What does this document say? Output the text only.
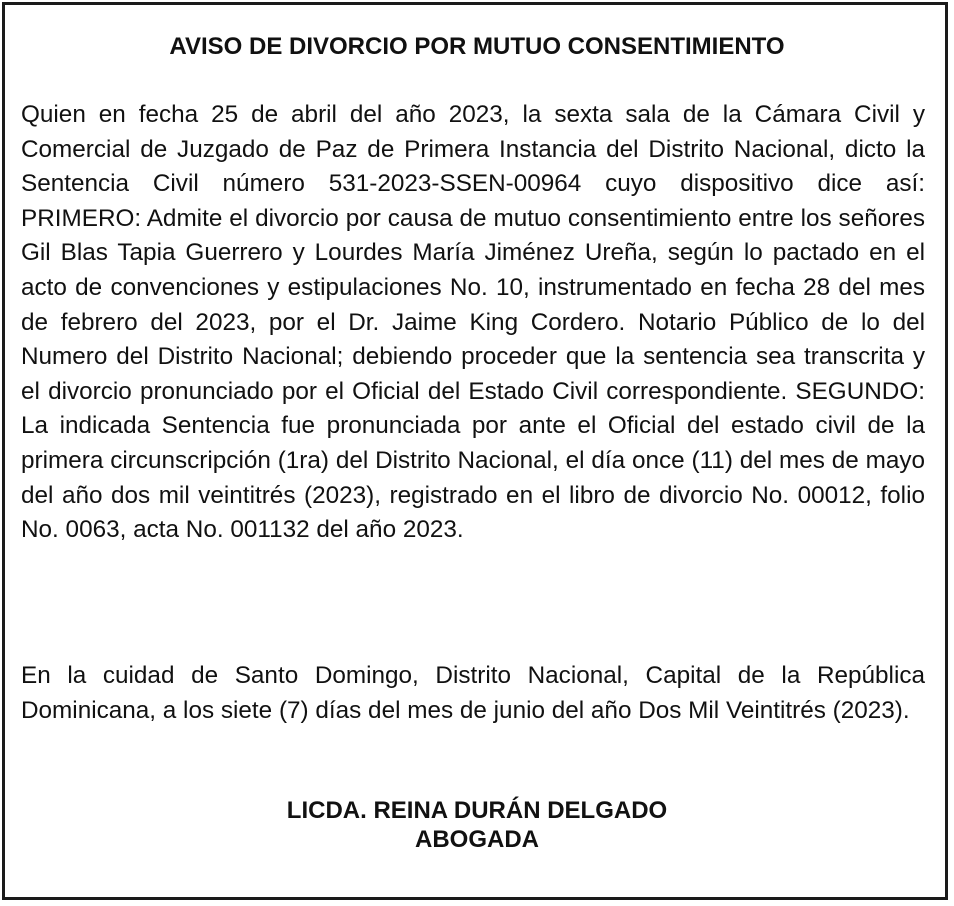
AVISO DE DIVORCIO POR MUTUO CONSENTIMIENTO
Quien en fecha 25 de abril del año 2023, la sexta sala de la Cámara Civil y Comercial de Juzgado de Paz de Primera Instancia del Distrito Nacional, dicto la Sentencia Civil número 531-2023-SSEN-00964 cuyo dispositivo dice así: PRIMERO: Admite el divorcio por causa de mutuo consentimiento entre los señores Gil Blas Tapia Guerrero y Lourdes María Jiménez Ureña, según lo pactado en el acto de convenciones y estipulaciones No. 10, instrumentado en fecha 28 del mes de febrero del 2023, por el Dr. Jaime King Cordero. Notario Público de lo del Numero del Distrito Nacional; debiendo proceder que la sentencia sea transcrita y el divorcio pronunciado por el Oficial del Estado Civil correspondiente. SEGUNDO: La indicada Sentencia fue pronunciada por ante el Oficial del estado civil de la primera circunscripción (1ra) del Distrito Nacional, el día once (11) del mes de mayo del año dos mil veintitrés (2023), registrado en el libro de divorcio No. 00012, folio No. 0063, acta No. 001132 del año 2023.
En la cuidad de Santo Domingo, Distrito Nacional, Capital de la República Dominicana, a los siete (7) días del mes de junio del año Dos Mil Veintitrés (2023).
LICDA. REINA DURÁN DELGADO
ABOGADA
